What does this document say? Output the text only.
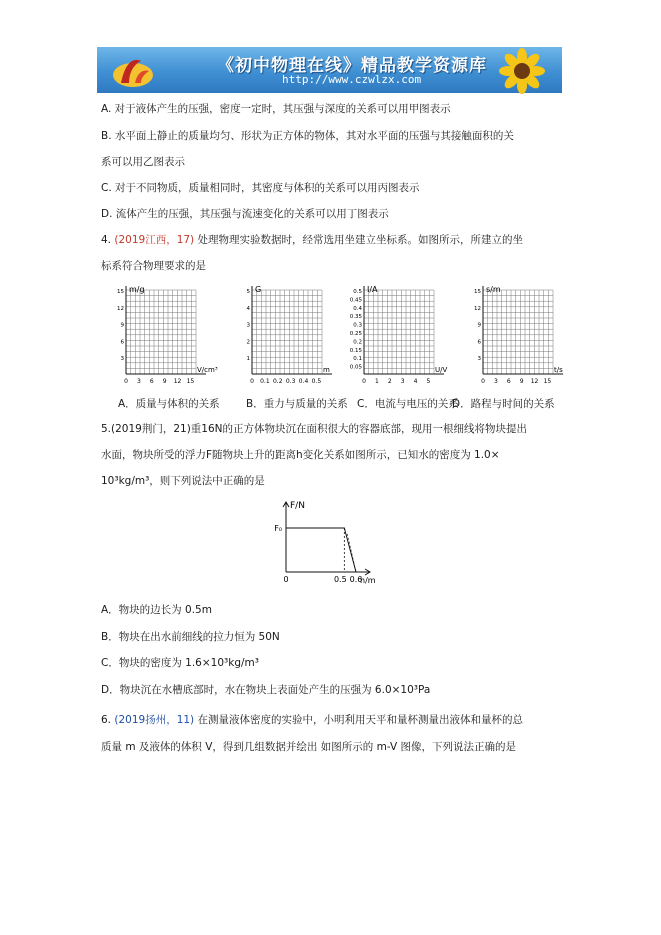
《初中物理在线》精品教学资源库
http://www.czwlzx.com
A. 对于液体产生的压强，密度一定时，其压强与深度的关系可以用甲图表示
B. 水平面上静止的质量均匀、形状为正方体的物体，其对水平面的压强与其接触面积的关
系可以用乙图表示
C. 对于不同物质，质量相同时，其密度与体积的关系可以用丙图表示
D. 流体产生的压强，其压强与流速变化的关系可以用丁图表示
4. (2019江西，17) 处理物理实验数据时，经常选用坐建立坐标系。如图所示，所建立的坐
标系符合物理要求的是
m/g
V/cm³
15
12
9
6
3
0 3 6 9 12 15
A．质量与体积的关系
G
m
5
4
3
2
1
0 0.1 0.2 0.3 0.4 0.5
B．重力与质量的关系
I/A
U/V
0.5
0.45
0.4
0.35
0.3
0.25
0.2
0.15
0.1
0.05
0 1 2 3 4 5
C．电流与电压的关系
s/m
t/s
15
12
9
6
3
0 3 6 9 12 15
D．路程与时间的关系
5.(2019荆门，21)重16N的正方体物块沉在面积很大的容器底部，现用一根细线将物块提出
水面，物块所受的浮力F随物块上升的距离h变化关系如图所示，已知水的密度为 1.0×
10³kg/m³，则下列说法中正确的是
F/N
h/m
F₀
0	0.5 0.6
A．物块的边长为 0.5m
B．物块在出水前细线的拉力恒为 50N
C．物块的密度为 1.6×10³kg/m³
D．物块沉在水槽底部时，水在物块上表面处产生的压强为 6.0×10³Pa
6. (2019扬州，11) 在测量液体密度的实验中，小明利用天平和量杯测量出液体和量杯的总
质量 m 及液体的体积 V，得到几组数据并绘出 如图所示的 m-V 图像，下列说法正确的是
